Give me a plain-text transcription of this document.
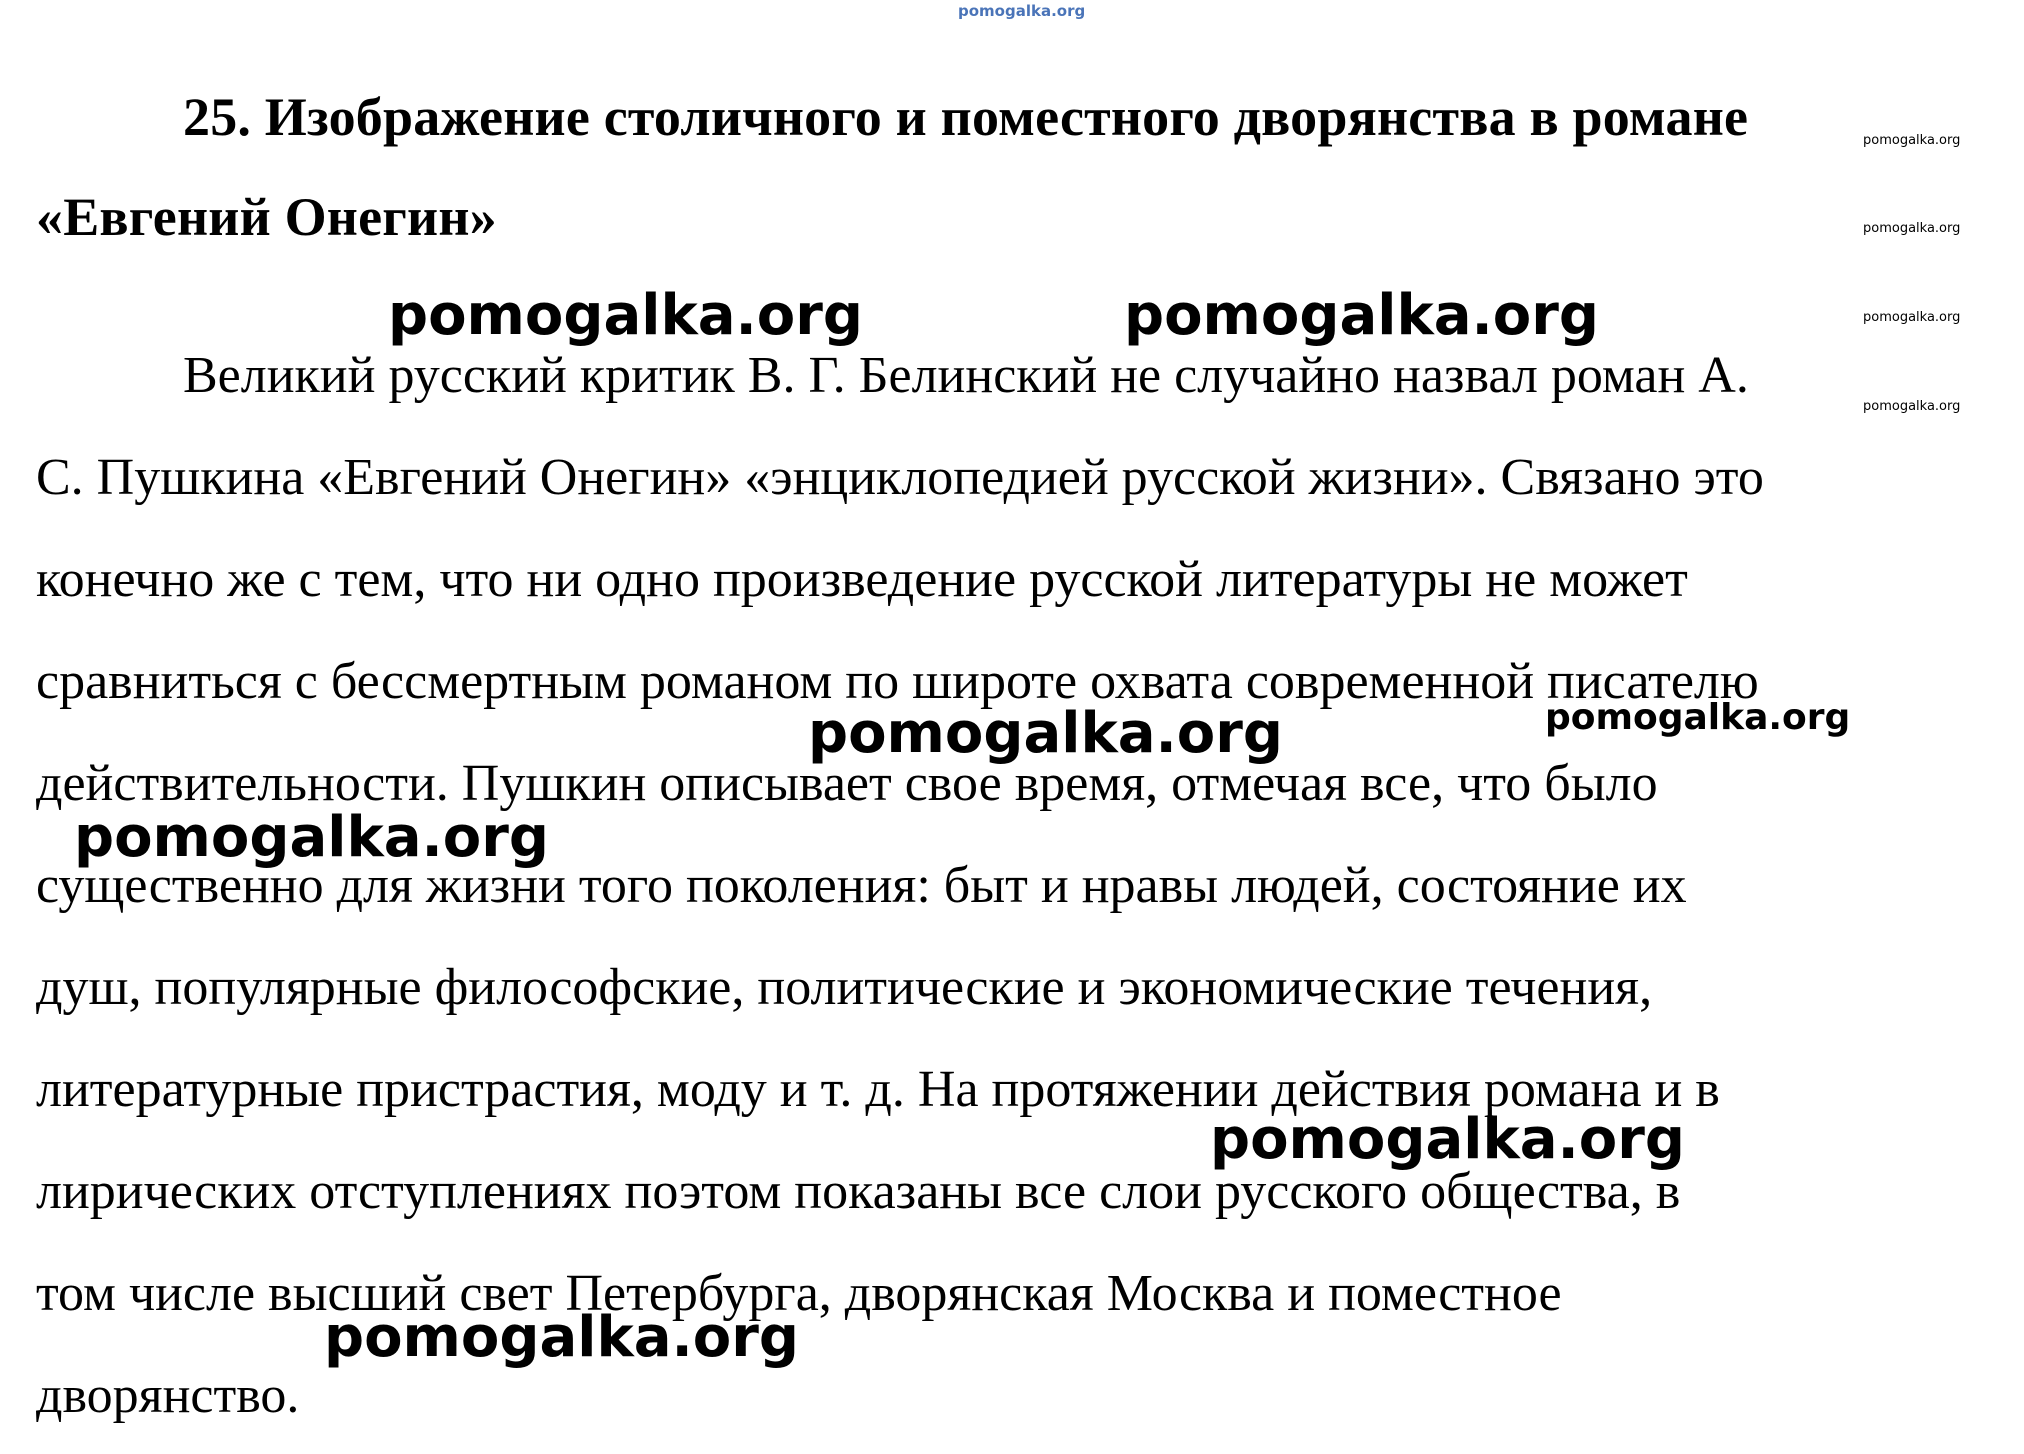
pomogalka.org
25. Изображение столичного и поместного дворянства в романе
«Евгений Онегин»
Великий русский критик В. Г. Белинский не случайно назвал роман А.
С. Пушкина «Евгений Онегин» «энциклопедией русской жизни». Связано это
конечно же с тем, что ни одно произведение русской литературы не может
сравниться с бессмертным романом по широте охвата современной писателю
действительности. Пушкин описывает свое время, отмечая все, что было
существенно для жизни того поколения: быт и нравы людей, состояние их
душ, популярные философские, политические и экономические течения,
литературные пристрастия, моду и т. д. На протяжении действия романа и в
лирических отступлениях поэтом показаны все слои русского общества, в
том числе высший свет Петербурга, дворянская Москва и поместное
дворянство.
pomogalka.org	pomogalka.org
pomogalka.org	pomogalka.org
pomogalka.org
pomogalka.org
pomogalka.org
pomogalka.org
pomogalka.org
pomogalka.org
pomogalka.org
